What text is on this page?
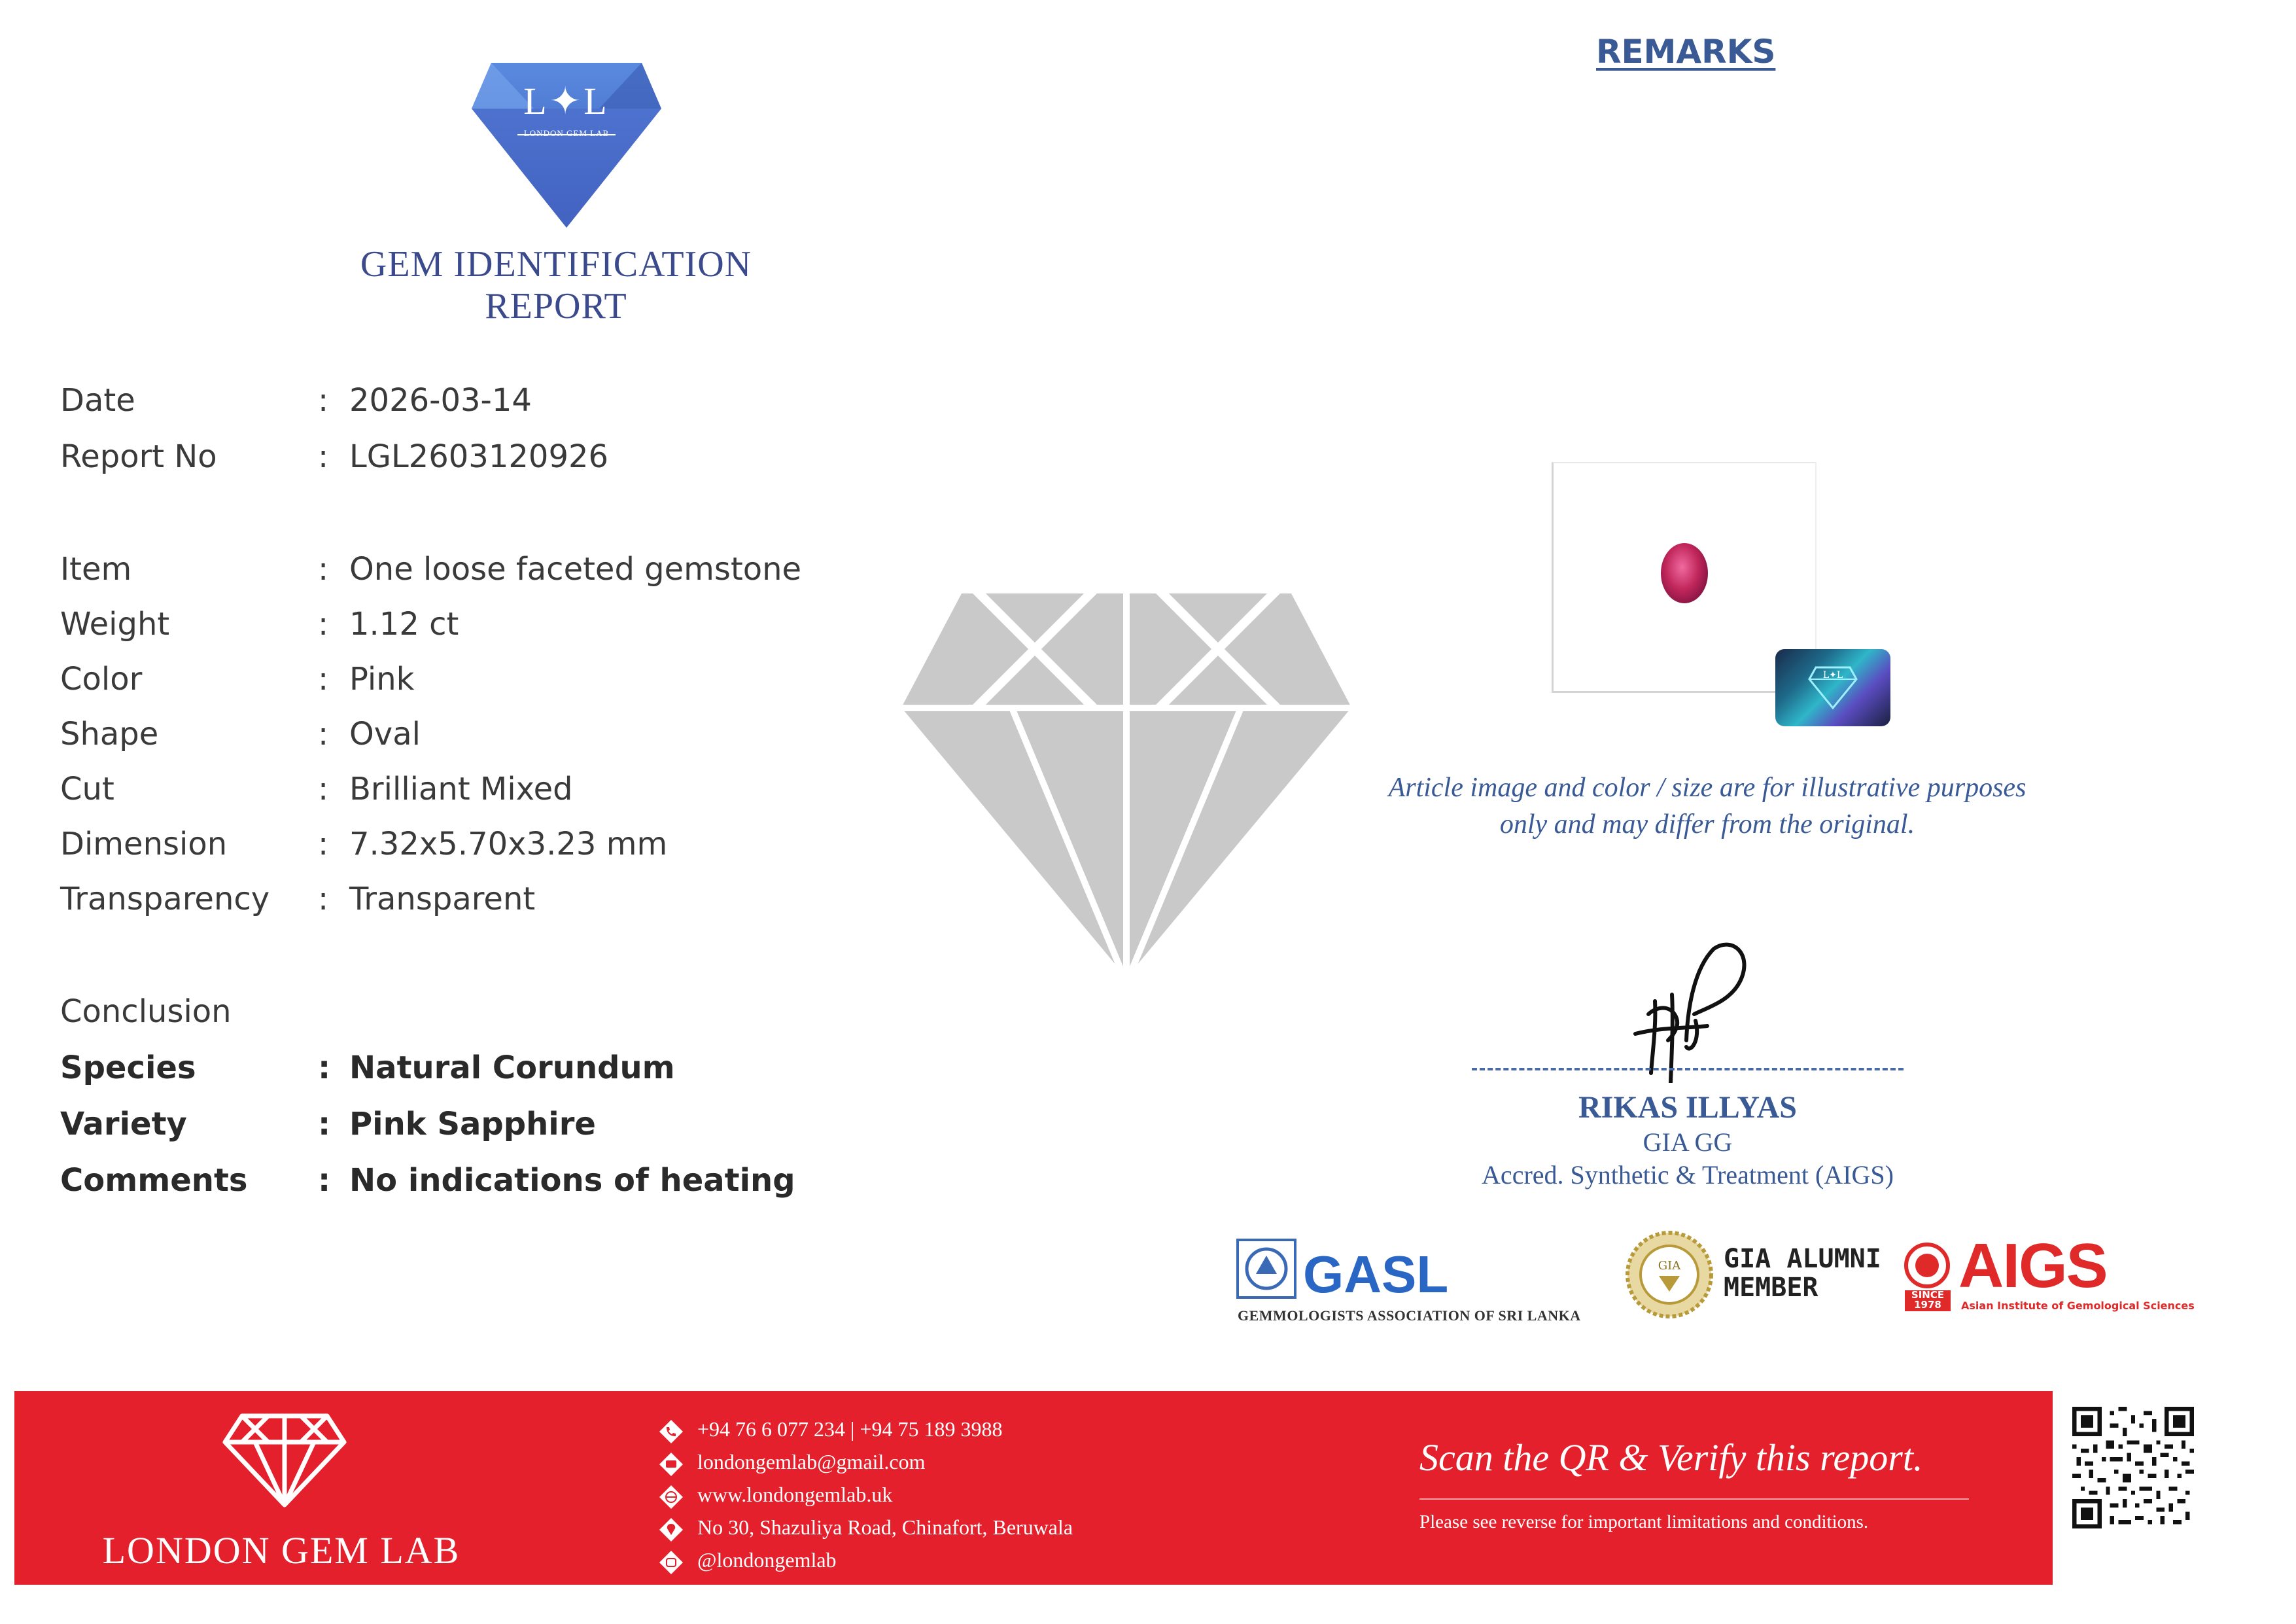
L✦L
LONDON GEM LAB
GEM IDENTIFICATION REPORT
Date	: 2026-03-14
Report No	: LGL2603120926
Item	: One loose faceted gemstone
Weight	: 1.12 ct
Color	: Pink
Shape	: Oval
Cut	: Brilliant Mixed
Dimension	: 7.32x5.70x3.23 mm
Transparency : Transparent
Conclusion
Species	: Natural Corundum
Variety	: Pink Sapphire
Comments : No indications of heating
REMARKS
L✦L
Article image and color / size are for illustrative purposes
only and may differ from the original.
RIKAS ILLYAS
GIA GG
Accred. Synthetic & Treatment (AIGS)
GASL
GEMMOLOGISTS ASSOCIATION OF SRI LANKA
GIA GIA ALUMNI
MEMBER	SINCE 1978
AIGS
Asian Institute of Gemological Sciences
LONDON GEM LAB
+94 76 6 077 234 | +94 75 189 3988
londongemlab@gmail.com
www.londongemlab.uk
No 30, Shazuliya Road, Chinafort, Beruwala
@londongemlab
Scan the QR & Verify this report.
Please see reverse for important limitations and conditions.
